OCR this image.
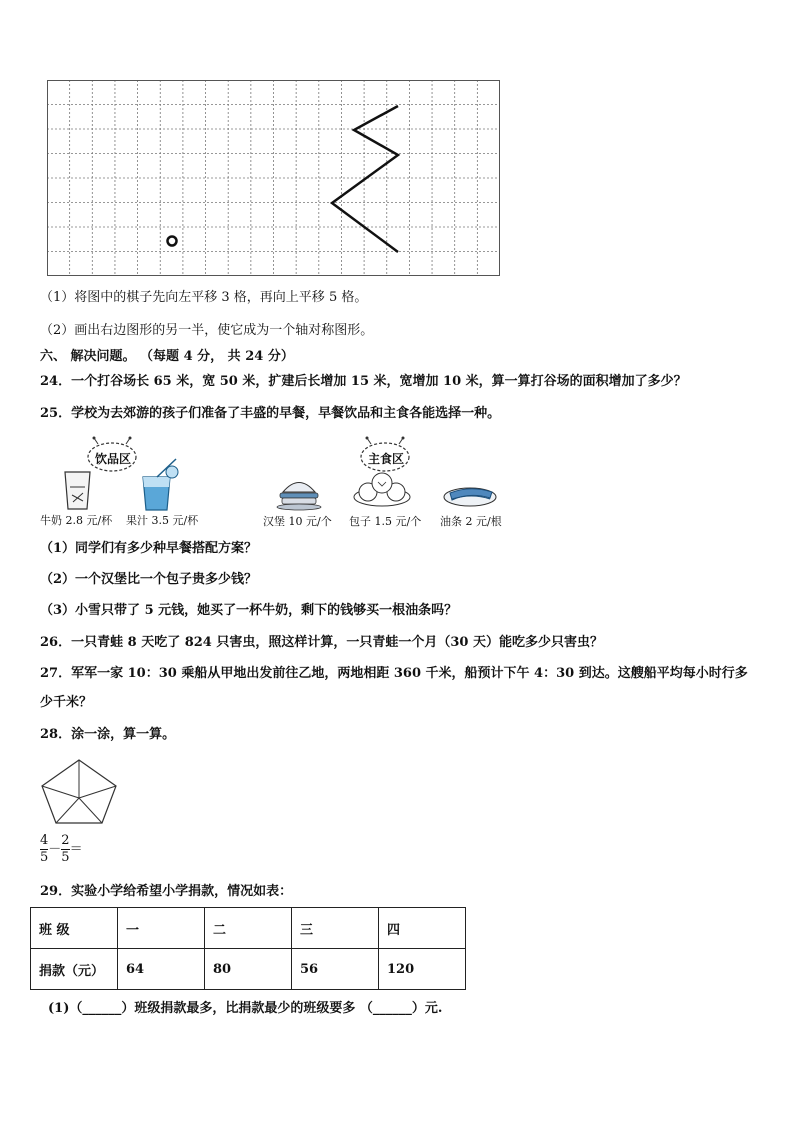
（1）将图中的棋子先向左平移 3 格，再向上平移 5 格。
（2）画出右边图形的另一半，使它成为一个轴对称图形。
六、 解决问题。 （每题 4 分， 共 24 分）
24．一个打谷场长 65 米，宽 50 米，扩建后长增加 15 米，宽增加 10 米，算一算打谷场的面积增加了多少？
25．学校为去郊游的孩子们准备了丰盛的早餐，早餐饮品和主食各能选择一种。
饮品区	主食区
牛奶 2.8 元/杯 果汁 3.5 元/杯	汉堡 10 元/个 包子 1.5 元/个 油条 2 元/根
（1）同学们有多少种早餐搭配方案？
（2）一个汉堡比一个包子贵多少钱？
（3）小雪只带了 5 元钱，她买了一杯牛奶，剩下的钱够买一根油条吗？
26．一只青蛙 8 天吃了 824 只害虫，照这样计算，一只青蛙一个月（30 天）能吃多少只害虫？
27．军军一家 10：30 乘船从甲地出发前往乙地，两地相距 360 千米，船预计下午 4：30 到达。这艘船平均每小时行多
少千米？
28．涂一涂，算一算。
$\frac{4}{5} - \frac{2}{5}$ ＝
29．实验小学给希望小学捐款，情况如表：
班 级	一	二	三	四
捐款（元）	64	80	56	120
(1)（______）班级捐款最多，比捐款最少的班级要多 （______）元.
